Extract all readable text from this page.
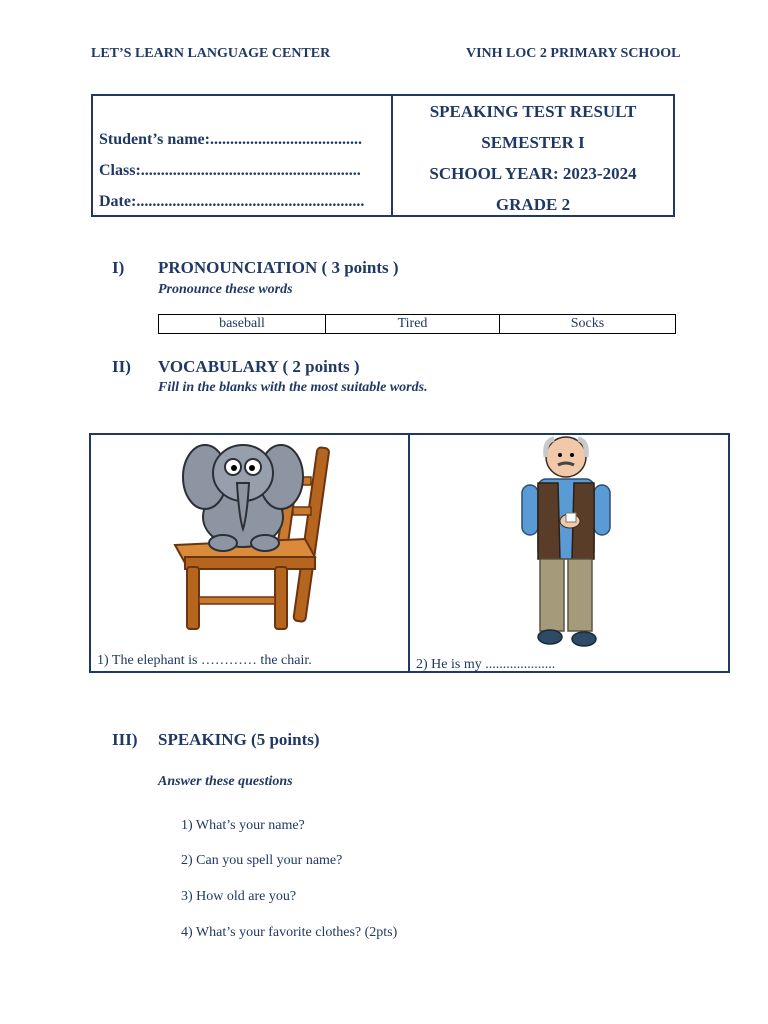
LET’S LEARN LANGUAGE CENTER	VINH LOC 2 PRIMARY SCHOOL
Student’s name:......................................
Class:.......................................................
Date:.........................................................
SPEAKING TEST RESULT
SEMESTER I
SCHOOL YEAR: 2023-2024
GRADE 2
I) PRONOUNCIATION ( 3 points )
Pronounce these words
baseball	Tired	Socks
II) VOCABULARY ( 2 points )
Fill in the blanks with the most suitable words.
1) The elephant is ………… the chair.	2) He is my ....................
III) SPEAKING (5 points)
Answer these questions
1) What’s your name?
2) Can you spell your name?
3) How old are you?
4) What’s your favorite clothes? (2pts)
